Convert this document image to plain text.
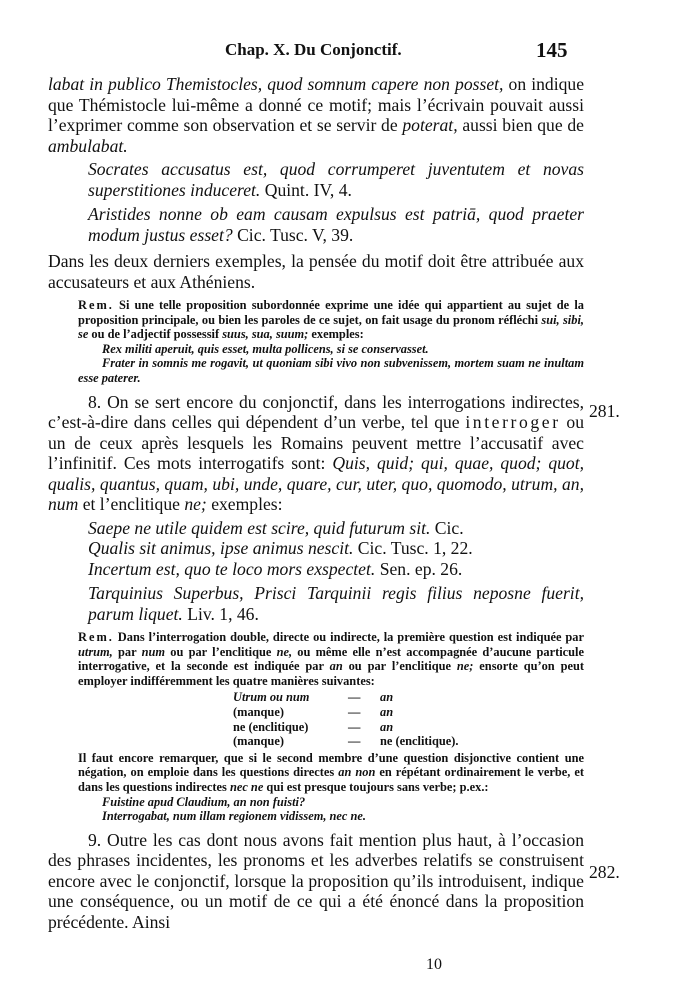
Chap. X. Du Conjonctif.	145
281.
282.

labat in publico Themistocles, quod somnum capere non posset, on indique que Thémistocle lui-même a donné ce motif; mais l’écrivain pouvait aussi l’exprimer comme son observation et se servir de poterat, aussi bien que de ambulabat.

Socrates accusatus est, quod corrumperet juventutem et novas superstitiones induceret. Quint. IV, 4.

Aristides nonne ob eam causam expulsus est patriā, quod praeter modum justus esset? Cic. Tusc. V, 39.

Dans les deux derniers exemples, la pensée du motif doit être attribuée aux accusateurs et aux Athéniens.

Rem. Si une telle proposition subordonnée exprime une idée qui appartient au sujet de la proposition principale, ou bien les paroles de ce sujet, on fait usage du pronom réfléchi sui, sibi, se ou de l’adjectif possessif suus, sua, suum; exemples:
Rex militi aperuit, quis esset, multa pollicens, si se conservasset.
Frater in somnis me rogavit, ut quoniam sibi vivo non subvenissem, mortem suam ne inultam esse paterer.

8. On se sert encore du conjonctif, dans les interrogations indirectes, c’est-à-dire dans celles qui dépendent d’un verbe, tel que interroger ou un de ceux après lesquels les Romains peuvent mettre l’accusatif avec l’infinitif. Ces mots interrogatifs sont: Quis, quid; qui, quae, quod; quot, qualis, quantus, quam, ubi, unde, quare, cur, uter, quo, quomodo, utrum, an, num et l’enclitique ne; exemples:

Saepe ne utile quidem est scire, quid futurum sit. Cic.

Qualis sit animus, ipse animus nescit. Cic. Tusc. 1, 22.

Incertum est, quo te loco mors exspectet. Sen. ep. 26.

Tarquinius Superbus, Prisci Tarquinii regis filius neposne fuerit, parum liquet. Liv. 1, 46.

Rem. Dans l’interrogation double, directe ou indirecte, la première question est indiquée par utrum, par num ou par l’enclitique ne, ou même elle n’est accompagnée d’aucune particule interrogative, et la seconde est indiquée par an ou par l’enclitique ne; ensorte qu’on peut employer indifféremment les quatre manières suivantes:

Utrum ou num	—	an
(manque)	—	an
ne (enclitique)	—	an
(manque)	—	ne (enclitique).

Il faut encore remarquer, que si le second membre d’une question disjonctive contient une négation, on emploie dans les questions directes an non en répétant ordinairement le verbe, et dans les questions indirectes nec ne qui est presque toujours sans verbe; p.ex.:
Fuistine apud Claudium, an non fuisti?
Interrogabat, num illam regionem vidissem, nec ne.

9. Outre les cas dont nous avons fait mention plus haut, à l’occasion des phrases incidentes, les pronoms et les adverbes relatifs se construisent encore avec le conjonctif, lorsque la proposition qu’ils introduisent, indique une conséquence, ou un motif de ce qui a été énoncé dans la proposition précédente. Ainsi

10
